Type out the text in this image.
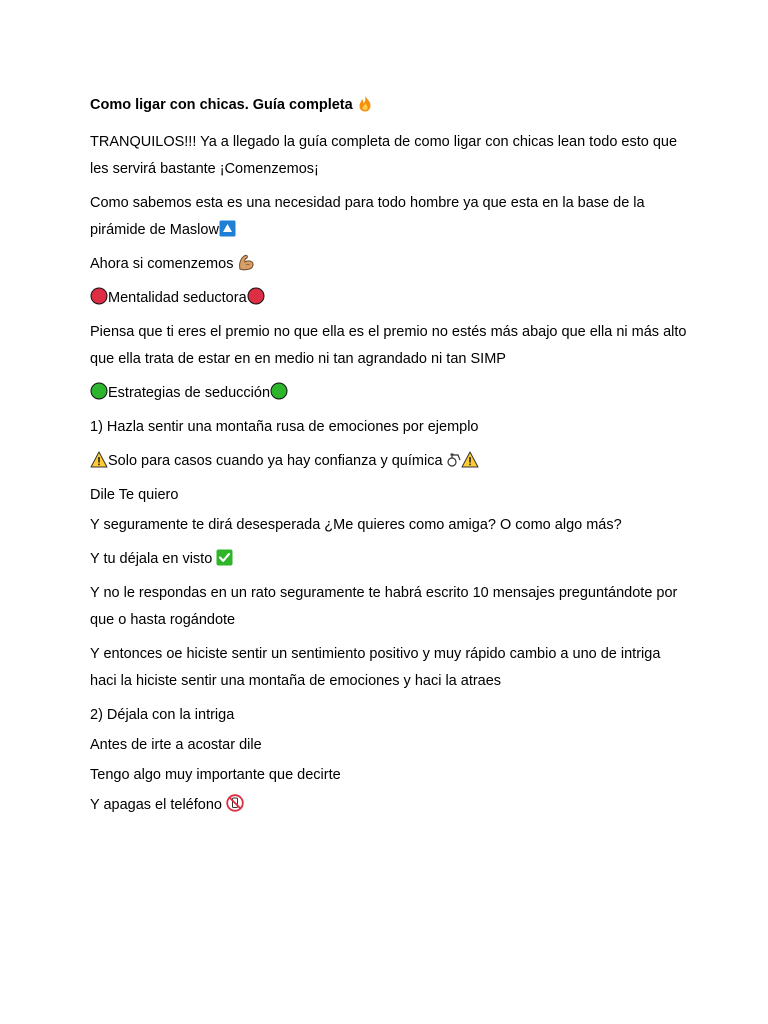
Como ligar con chicas. Guía completa

TRANQUILOS!!! Ya a llegado la guía completa de como ligar con chicas lean todo esto que les servirá bastante ¡Comenzemos¡

Como sabemos esta es una necesidad para todo hombre ya que esta en la base de la pirámide de Maslow

Ahora si comenzemos

Mentalidad seductora

Piensa que ti eres el premio no que ella es el premio no estés más abajo que ella ni más alto que ella trata de estar en en medio ni tan agrandado ni tan SIMP

Estrategias de seducción

1) Hazla sentir una montaña rusa de emociones por ejemplo

Solo para casos cuando ya hay confianza y química

Dile Te quiero

Y seguramente te dirá desesperada ¿Me quieres como amiga? O como algo más?

Y tu déjala en visto

Y no le respondas en un rato seguramente te habrá escrito 10 mensajes preguntándote por que o hasta rogándote

Y entonces oe hiciste sentir un sentimiento positivo y muy rápido cambio a uno de intriga haci la hiciste sentir una montaña de emociones y haci la atraes

2) Déjala con la intriga

Antes de irte a acostar dile

Tengo algo muy importante que decirte

Y apagas el teléfono
